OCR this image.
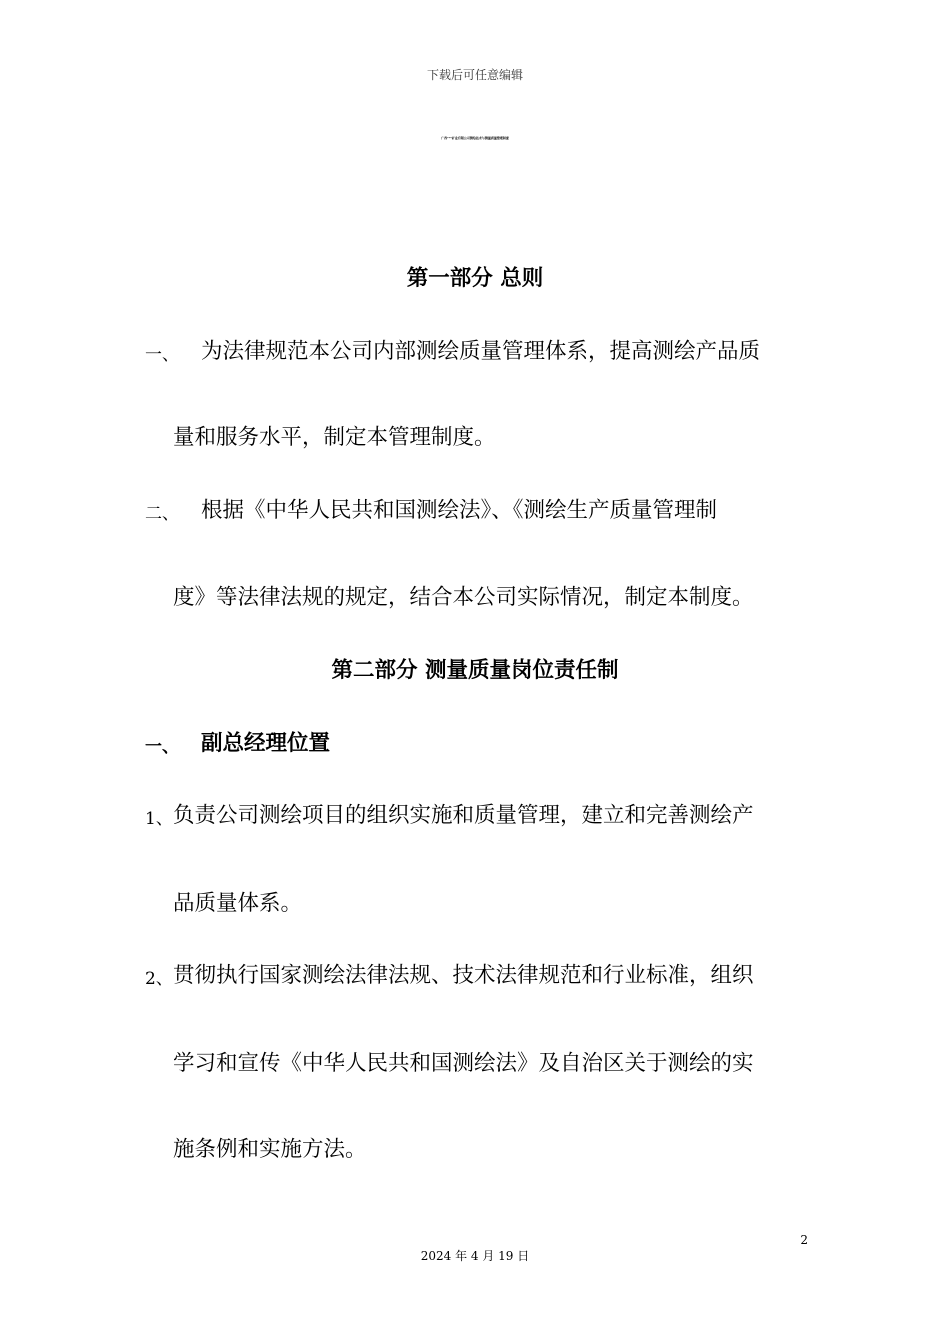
下载后可任意编辑
广西***矿业有限公司测绘技术与测量质量管理制度
第一部分 总则
一、 为法律规范本公司内部测绘质量管理体系，提高测绘产品质
量和服务水平，制定本管理制度。
二、 根据《中华人民共和国测绘法》、《测绘生产质量管理制
度》等法律法规的规定，结合本公司实际情况，制定本制度。
第二部分 测量质量岗位责任制
一、 副总经理位置
1、 负责公司测绘项目的组织实施和质量管理，建立和完善测绘产
品质量体系。
2、 贯彻执行国家测绘法律法规、技术法律规范和行业标准，组织
学习和宣传《中华人民共和国测绘法》及自治区关于测绘的实
施条例和实施方法。
2
2024 年 4 月 19 日
